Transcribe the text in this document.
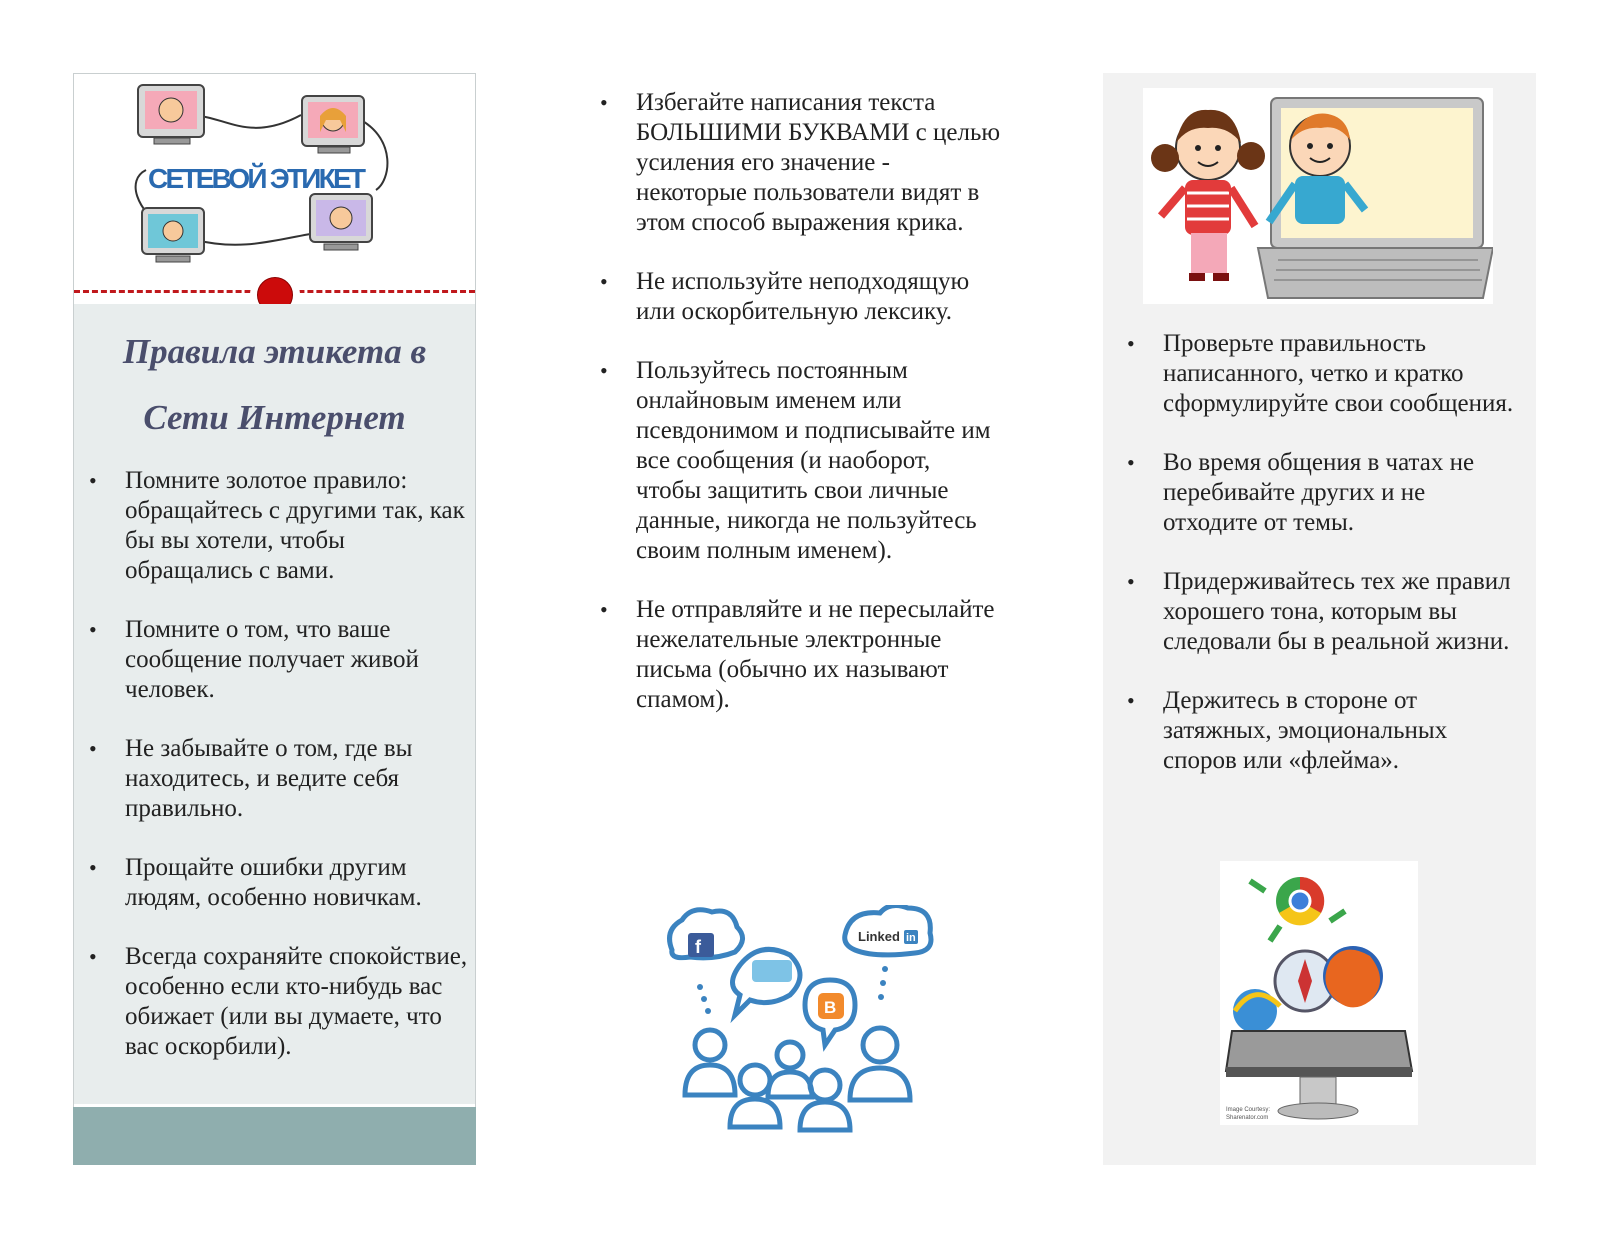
СЕТЕВОЙ ЭТИКЕТ
Правила этикета в
Сети Интернет
• Помните золотое правило: обращайтесь с другими так, как бы вы хотели, чтобы обращались с вами.
• Помните о том, что ваше сообщение получает живой человек.
• Не забывайте о том, где вы находитесь, и ведите себя правильно.
• Прощайте ошибки другим людям, особенно новичкам.
• Всегда сохраняйте спокойствие, особенно если кто-нибудь вас обижает (или вы думаете, что вас оскорбили).
• Избегайте написания текста БОЛЬШИМИ БУКВАМИ с целью усиления его значение - некоторые пользователи видят в этом способ выражения крика.
• Не используйте неподходящую или оскорбительную лексику.
• Пользуйтесь постоянным онлайновым именем или псевдонимом и подписывайте им все сообщения (и наоборот, чтобы защитить свои личные данные, никогда не пользуйтесь своим полным именем).
• Не отправляйте и не пересылайте нежелательные электронные письма (обычно их называют спамом).
f
B
Linked in
• Проверьте правильность написанного, четко и кратко сформулируйте свои сообщения.
• Во время общения в чатах не перебивайте других и не отходите от темы.
• Придерживайтесь тех же правил хорошего тона, которым вы следовали бы в реальной жизни.
• Держитесь в стороне от затяжных, эмоциональных споров или «флейма».
Image Courtesy:
Sharenator.com
